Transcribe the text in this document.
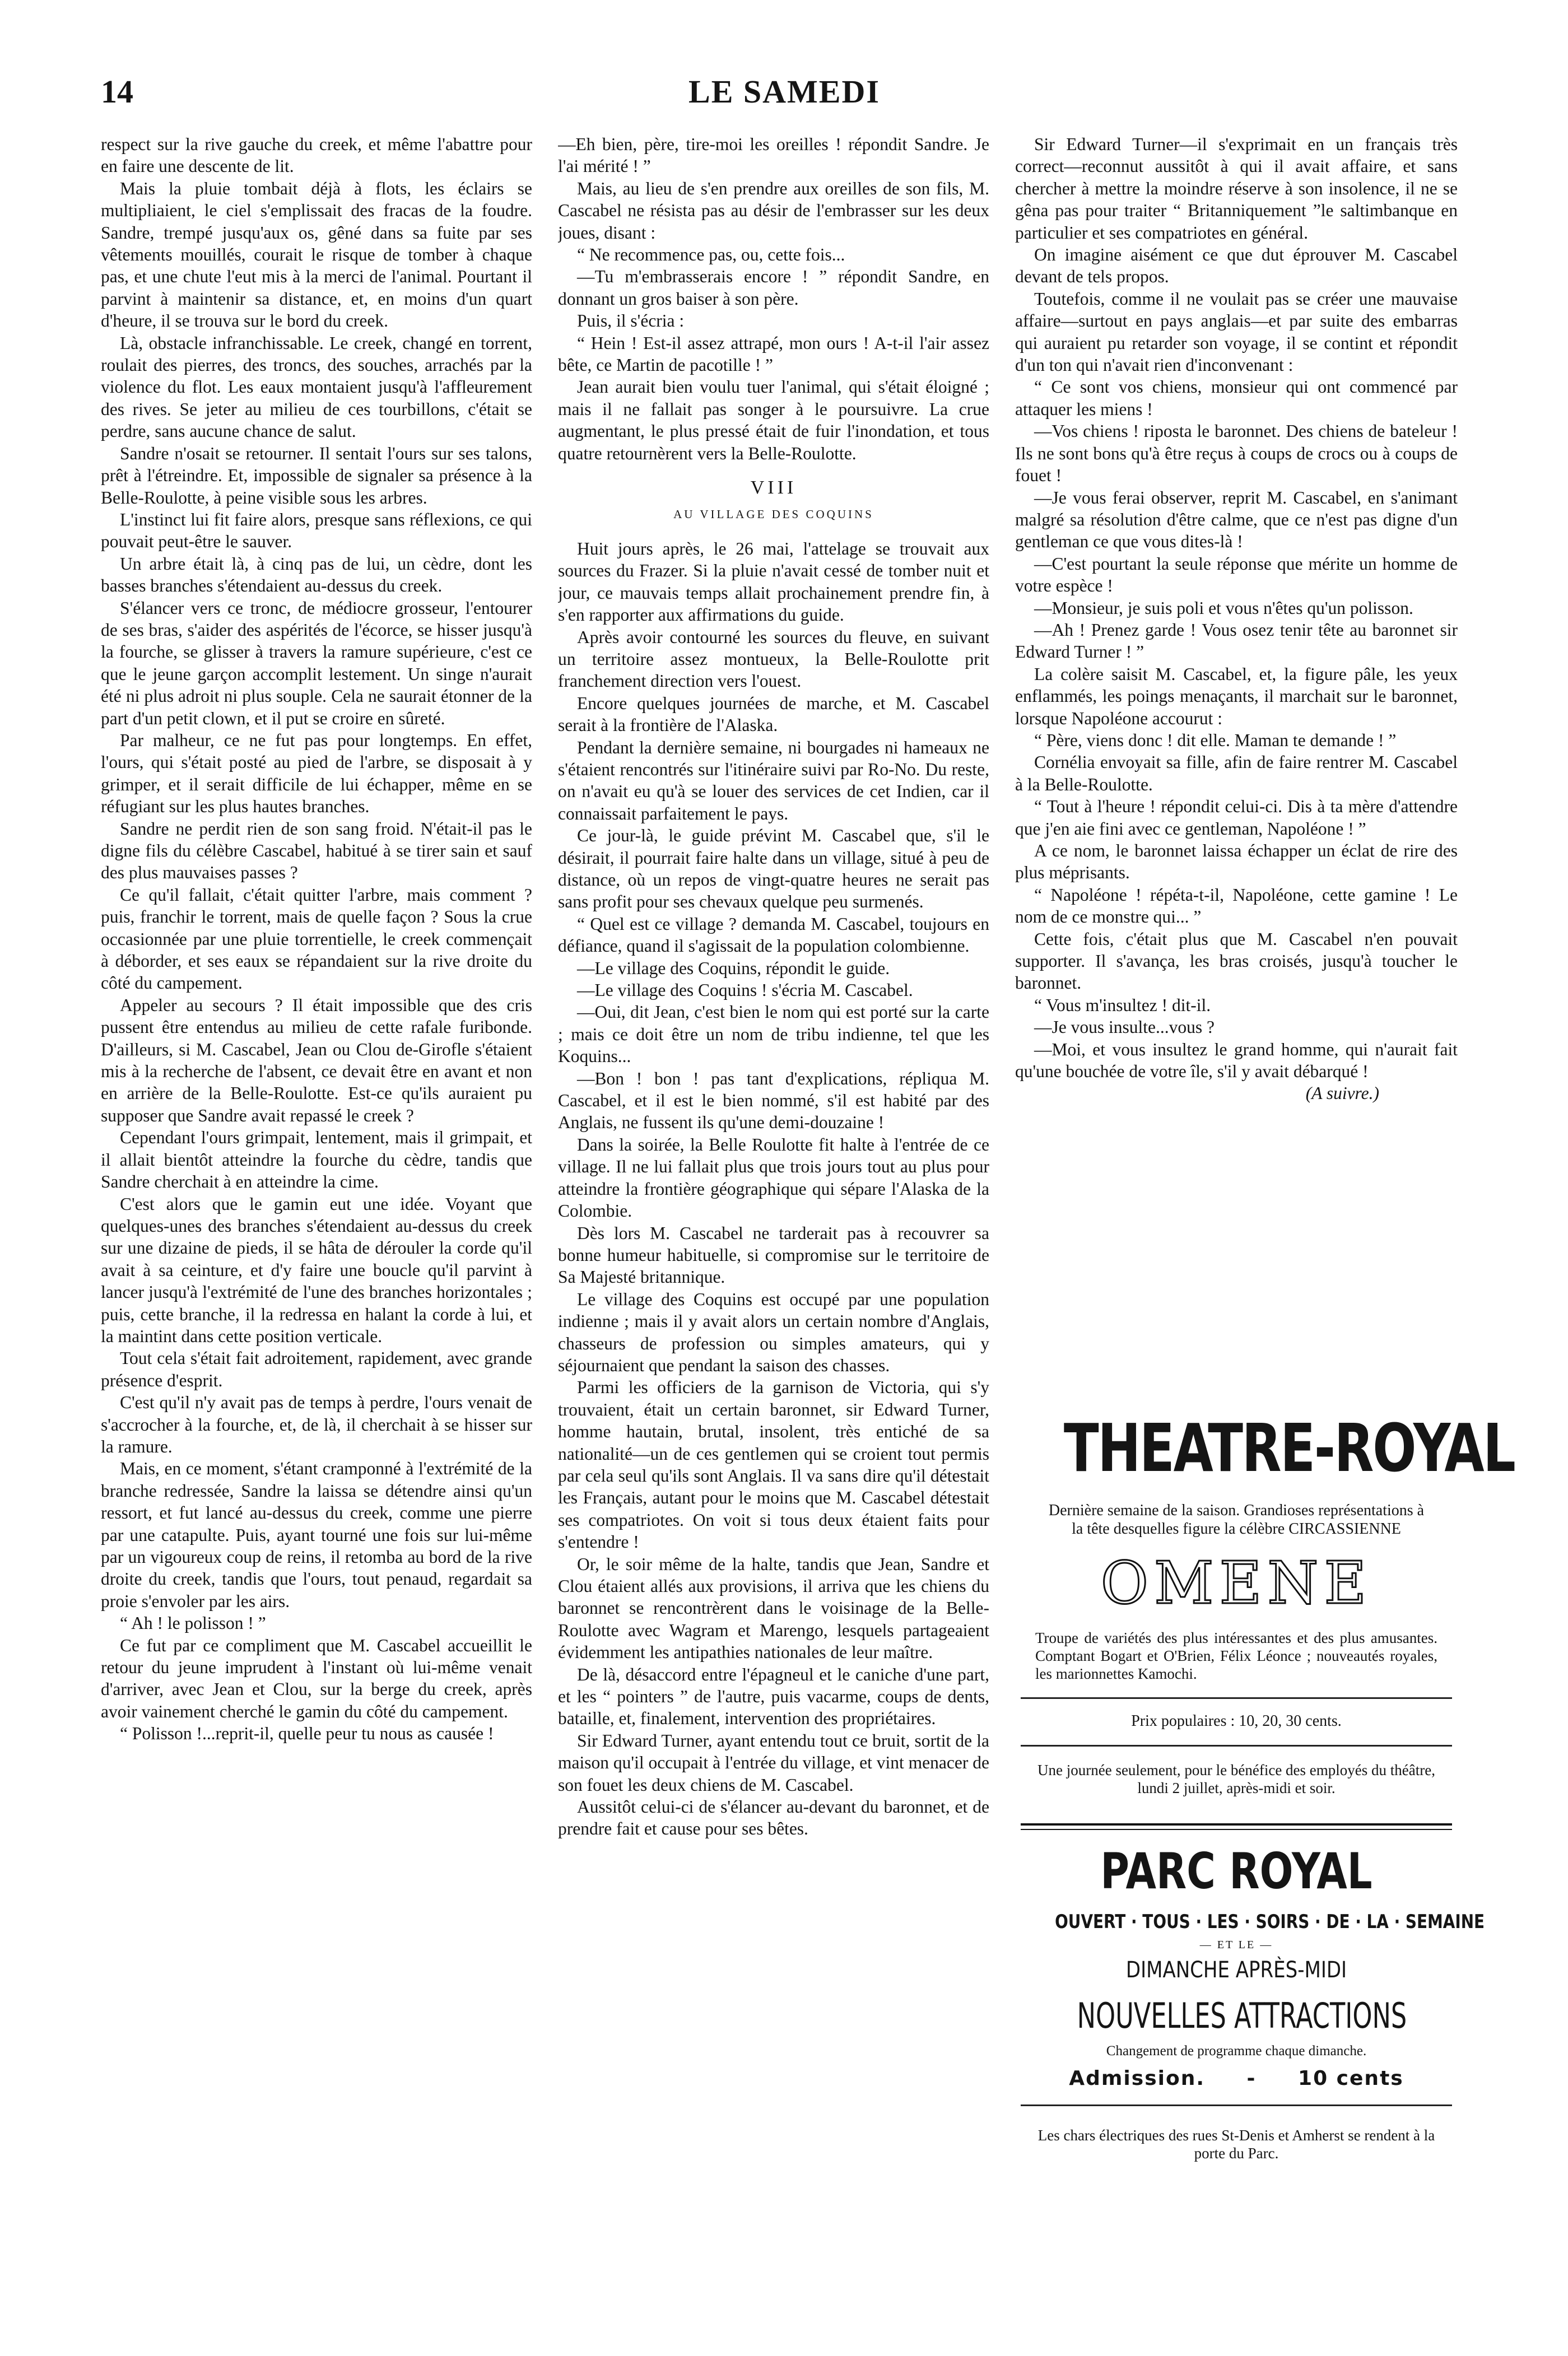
14	LE SAMEDI

respect sur la rive gauche du creek, et même l'abattre pour en faire une descente de lit.

Mais la pluie tombait déjà à flots, les éclairs se multipliaient, le ciel s'emplissait des fracas de la foudre. Sandre, trempé jusqu'aux os, gêné dans sa fuite par ses vêtements mouillés, courait le risque de tomber à chaque pas, et une chute l'eut mis à la merci de l'animal. Pourtant il parvint à maintenir sa distance, et, en moins d'un quart d'heure, il se trouva sur le bord du creek.

Là, obstacle infranchissable. Le creek, changé en torrent, roulait des pierres, des troncs, des souches, arrachés par la violence du flot. Les eaux montaient jusqu'à l'affleurement des rives. Se jeter au milieu de ces tourbillons, c'était se perdre, sans aucune chance de salut.

Sandre n'osait se retourner. Il sentait l'ours sur ses talons, prêt à l'étreindre. Et, impossible de signaler sa présence à la Belle-Roulotte, à peine visible sous les arbres.

L'instinct lui fit faire alors, presque sans réflexions, ce qui pouvait peut-être le sauver.

Un arbre était là, à cinq pas de lui, un cèdre, dont les basses branches s'étendaient au-dessus du creek.

S'élancer vers ce tronc, de médiocre grosseur, l'entourer de ses bras, s'aider des aspérités de l'écorce, se hisser jusqu'à la fourche, se glisser à travers la ramure supérieure, c'est ce que le jeune garçon accomplit lestement. Un singe n'aurait été ni plus adroit ni plus souple. Cela ne saurait étonner de la part d'un petit clown, et il put se croire en sûreté.

Par malheur, ce ne fut pas pour longtemps. En effet, l'ours, qui s'était posté au pied de l'arbre, se disposait à y grimper, et il serait difficile de lui échapper, même en se réfugiant sur les plus hautes branches.

Sandre ne perdit rien de son sang froid. N'était-il pas le digne fils du célèbre Cascabel, habitué à se tirer sain et sauf des plus mauvaises passes ?

Ce qu'il fallait, c'était quitter l'arbre, mais comment ? puis, franchir le torrent, mais de quelle façon ? Sous la crue occasionnée par une pluie torrentielle, le creek commençait à déborder, et ses eaux se répandaient sur la rive droite du côté du campement.

Appeler au secours ? Il était impossible que des cris pussent être entendus au milieu de cette rafale furibonde. D'ailleurs, si M. Cascabel, Jean ou Clou de-Girofle s'étaient mis à la recherche de l'absent, ce devait être en avant et non en arrière de la Belle-Roulotte. Est-ce qu'ils auraient pu supposer que Sandre avait repassé le creek ?

Cependant l'ours grimpait, lentement, mais il grimpait, et il allait bientôt atteindre la fourche du cèdre, tandis que Sandre cherchait à en atteindre la cime.

C'est alors que le gamin eut une idée. Voyant que quelques-unes des branches s'étendaient au-dessus du creek sur une dizaine de pieds, il se hâta de dérouler la corde qu'il avait à sa ceinture, et d'y faire une boucle qu'il parvint à lancer jusqu'à l'extrémité de l'une des branches horizontales ; puis, cette branche, il la redressa en halant la corde à lui, et la maintint dans cette position verticale.

Tout cela s'était fait adroitement, rapidement, avec grande présence d'esprit.

C'est qu'il n'y avait pas de temps à perdre, l'ours venait de s'accrocher à la fourche, et, de là, il cherchait à se hisser sur la ramure.

Mais, en ce moment, s'étant cramponné à l'extrémité de la branche redressée, Sandre la laissa se détendre ainsi qu'un ressort, et fut lancé au-dessus du creek, comme une pierre par une catapulte. Puis, ayant tourné une fois sur lui-même par un vigoureux coup de reins, il retomba au bord de la rive droite du creek, tandis que l'ours, tout penaud, regardait sa proie s'envoler par les airs.

“ Ah ! le polisson ! ”

Ce fut par ce compliment que M. Cascabel accueillit le retour du jeune imprudent à l'instant où lui-même venait d'arriver, avec Jean et Clou, sur la berge du creek, après avoir vainement cherché le gamin du côté du campement.

“ Polisson !...reprit-il, quelle peur tu nous as causée !

—Eh bien, père, tire-moi les oreilles ! répondit Sandre. Je l'ai mérité ! ”

Mais, au lieu de s'en prendre aux oreilles de son fils, M. Cascabel ne résista pas au désir de l'embrasser sur les deux joues, disant :

“ Ne recommence pas, ou, cette fois...

—Tu m'embrasserais encore ! ” répondit Sandre, en donnant un gros baiser à son père.

Puis, il s'écria :

“ Hein ! Est-il assez attrapé, mon ours ! A-t-il l'air assez bête, ce Martin de pacotille ! ”

Jean aurait bien voulu tuer l'animal, qui s'était éloigné ; mais il ne fallait pas songer à le poursuivre. La crue augmentant, le plus pressé était de fuir l'inondation, et tous quatre retournèrent vers la Belle-Roulotte.

VIII
AU VILLAGE DES COQUINS

Huit jours après, le 26 mai, l'attelage se trouvait aux sources du Frazer. Si la pluie n'avait cessé de tomber nuit et jour, ce mauvais temps allait prochainement prendre fin, à s'en rapporter aux affirmations du guide.

Après avoir contourné les sources du fleuve, en suivant un territoire assez montueux, la Belle-Roulotte prit franchement direction vers l'ouest.

Encore quelques journées de marche, et M. Cascabel serait à la frontière de l'Alaska.

Pendant la dernière semaine, ni bourgades ni hameaux ne s'étaient rencontrés sur l'itinéraire suivi par Ro-No. Du reste, on n'avait eu qu'à se louer des services de cet Indien, car il connaissait parfaitement le pays.

Ce jour-là, le guide prévint M. Cascabel que, s'il le désirait, il pourrait faire halte dans un village, situé à peu de distance, où un repos de vingt-quatre heures ne serait pas sans profit pour ses chevaux quelque peu surmenés.

“ Quel est ce village ? demanda M. Cascabel, toujours en défiance, quand il s'agissait de la population colombienne.

—Le village des Coquins, répondit le guide.

—Le village des Coquins ! s'écria M. Cascabel.

—Oui, dit Jean, c'est bien le nom qui est porté sur la carte ; mais ce doit être un nom de tribu indienne, tel que les Koquins...

—Bon ! bon ! pas tant d'explications, répliqua M. Cascabel, et il est le bien nommé, s'il est habité par des Anglais, ne fussent ils qu'une demi-douzaine !

Dans la soirée, la Belle Roulotte fit halte à l'entrée de ce village. Il ne lui fallait plus que trois jours tout au plus pour atteindre la frontière géographique qui sépare l'Alaska de la Colombie.

Dès lors M. Cascabel ne tarderait pas à recouvrer sa bonne humeur habituelle, si compromise sur le territoire de Sa Majesté britannique.

Le village des Coquins est occupé par une population indienne ; mais il y avait alors un certain nombre d'Anglais, chasseurs de profession ou simples amateurs, qui y séjournaient que pendant la saison des chasses.

Parmi les officiers de la garnison de Victoria, qui s'y trouvaient, était un certain baronnet, sir Edward Turner, homme hautain, brutal, insolent, très entiché de sa nationalité—un de ces gentlemen qui se croient tout permis par cela seul qu'ils sont Anglais. Il va sans dire qu'il détestait les Français, autant pour le moins que M. Cascabel détestait ses compatriotes. On voit si tous deux étaient faits pour s'entendre !

Or, le soir même de la halte, tandis que Jean, Sandre et Clou étaient allés aux provisions, il arriva que les chiens du baronnet se rencontrèrent dans le voisinage de la Belle-Roulotte avec Wagram et Marengo, lesquels partageaient évidemment les antipathies nationales de leur maître.

De là, désaccord entre l'épagneul et le caniche d'une part, et les “ pointers ” de l'autre, puis vacarme, coups de dents, bataille, et, finalement, intervention des propriétaires.

Sir Edward Turner, ayant entendu tout ce bruit, sortit de la maison qu'il occupait à l'entrée du village, et vint menacer de son fouet les deux chiens de M. Cascabel.

Aussitôt celui-ci de s'élancer au-devant du baronnet, et de prendre fait et cause pour ses bêtes.

Sir Edward Turner—il s'exprimait en un français très correct—reconnut aussitôt à qui il avait affaire, et sans chercher à mettre la moindre réserve à son insolence, il ne se gêna pas pour traiter “ Britanniquement ”le saltimbanque en particulier et ses compatriotes en général.

On imagine aisément ce que dut éprouver M. Cascabel devant de tels propos.

Toutefois, comme il ne voulait pas se créer une mauvaise affaire—surtout en pays anglais—et par suite des embarras qui auraient pu retarder son voyage, il se contint et répondit d'un ton qui n'avait rien d'inconvenant :

“ Ce sont vos chiens, monsieur qui ont commencé par attaquer les miens !

—Vos chiens ! riposta le baronnet. Des chiens de bateleur ! Ils ne sont bons qu'à être reçus à coups de crocs ou à coups de fouet !

—Je vous ferai observer, reprit M. Cascabel, en s'animant malgré sa résolution d'être calme, que ce n'est pas digne d'un gentleman ce que vous dites-là !

—C'est pourtant la seule réponse que mérite un homme de votre espèce !

—Monsieur, je suis poli et vous n'êtes qu'un polisson.

—Ah ! Prenez garde ! Vous osez tenir tête au baronnet sir Edward Turner ! ”

La colère saisit M. Cascabel, et, la figure pâle, les yeux enflammés, les poings menaçants, il marchait sur le baronnet, lorsque Napoléone accourut :

“ Père, viens donc ! dit elle. Maman te demande ! ”

Cornélia envoyait sa fille, afin de faire rentrer M. Cascabel à la Belle-Roulotte.

“ Tout à l'heure ! répondit celui-ci. Dis à ta mère d'attendre que j'en aie fini avec ce gentleman, Napoléone ! ”

A ce nom, le baronnet laissa échapper un éclat de rire des plus méprisants.

“ Napoléone ! répéta-t-il, Napoléone, cette gamine ! Le nom de ce monstre qui... ”

Cette fois, c'était plus que M. Cascabel n'en pouvait supporter. Il s'avança, les bras croisés, jusqu'à toucher le baronnet.

“ Vous m'insultez ! dit-il.

—Je vous insulte...vous ?

—Moi, et vous insultez le grand homme, qui n'aurait fait qu'une bouchée de votre île, s'il y avait débarqué !

(A suivre.)

THEATRE-ROYAL
Dernière semaine de la saison. Grandioses représentations à la tête desquelles figure la célèbre CIRCASSIENNE
OMENE
Troupe de variétés des plus intéressantes et des plus amusantes. Comptant Bogart et O'Brien, Félix Léonce ; nouveautés royales, les marionnettes Kamochi.
Prix populaires : 10, 20, 30 cents.
Une journée seulement, pour le bénéfice des employés du théâtre, lundi 2 juillet, après-midi et soir.
PARC ROYAL
OUVERT · TOUS · LES · SOIRS · DE · LA · SEMAINE
— ET LE —
DIMANCHE APRÈS-MIDI
NOUVELLES ATTRACTIONS
Changement de programme chaque dimanche.
Admission. - 10 cents
Les chars électriques des rues St-Denis et Amherst se rendent à la porte du Parc.
